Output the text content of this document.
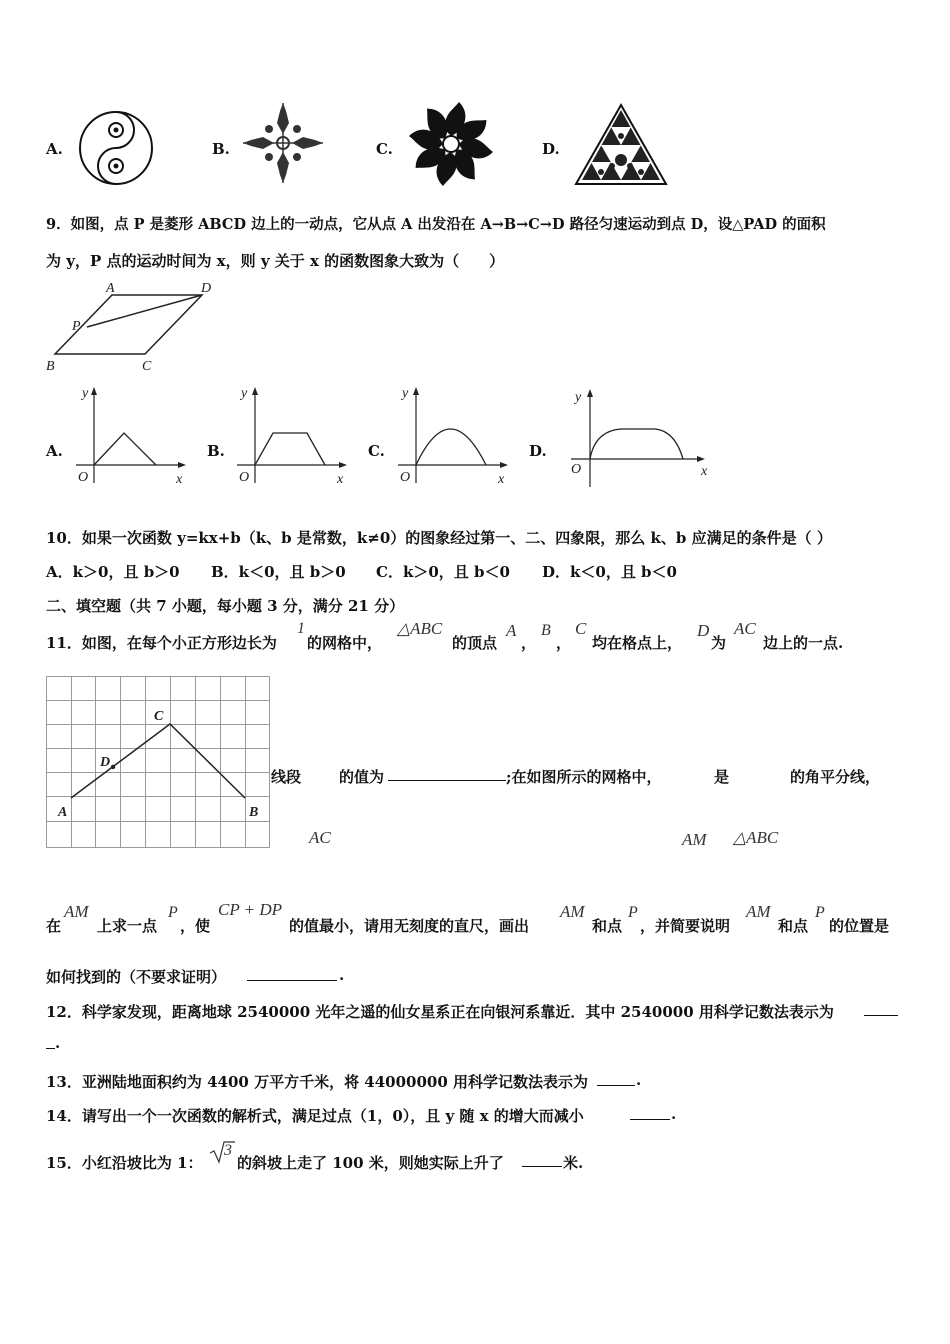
A.	B.	C.	D.
9．如图，点 P 是菱形 ABCD 边上的一动点，它从点 A 出发沿在 A→B→C→D 路径匀速运动到点 D，设△PAD 的面积
为 y，P 点的运动时间为 x，则 y 关于 x 的函数图象大致为（　　）
A	D
P
B	C
A.
y
O	x
B.
y
O	x
C.
y
O	x
D.
y
O	x
10．如果一次函数 y=kx+b（k、b 是常数，k≠0）的图象经过第一、二、四象限，那么 k、b 应满足的条件是（ ）
A．k＞0，且 b＞0 B．k＜0，且 b＞0 C．k＞0，且 b＜0 D．k＜0，且 b＜0
二、填空题（共 7 小题，每小题 3 分，满分 21 分）
11．如图，在每个小正方形边长为
1
的网格中，
△ABC
的顶点
A
，
B
，
C
均在格点上，
D
为
AC
边上的一点.
A	B
C
D
线段	的值为	;在如图所示的网格中，	是	的角平分线，
AC	AM △ABC
在
AM
上求一点
P
，使
CP + DP
的值最小，请用无刻度的直尺，画出
AM
和点
P
，并简要说明
AM
和点
P
的位置是
如何找到的（不要求证明）	.
12．科学家发现，距离地球 2540000 光年之遥的仙女星系正在向银河系靠近．其中 2540000 用科学记数法表示为
.
13．亚洲陆地面积约为 4400 万平方千米，将 44000000 用科学记数法表示为	.
14．请写出一个一次函数的解析式，满足过点（1，0），且 y 随 x 的增大而减小	.
15．小红沿坡比为 1：
3
的斜坡上走了 100 米，则她实际上升了	米.
